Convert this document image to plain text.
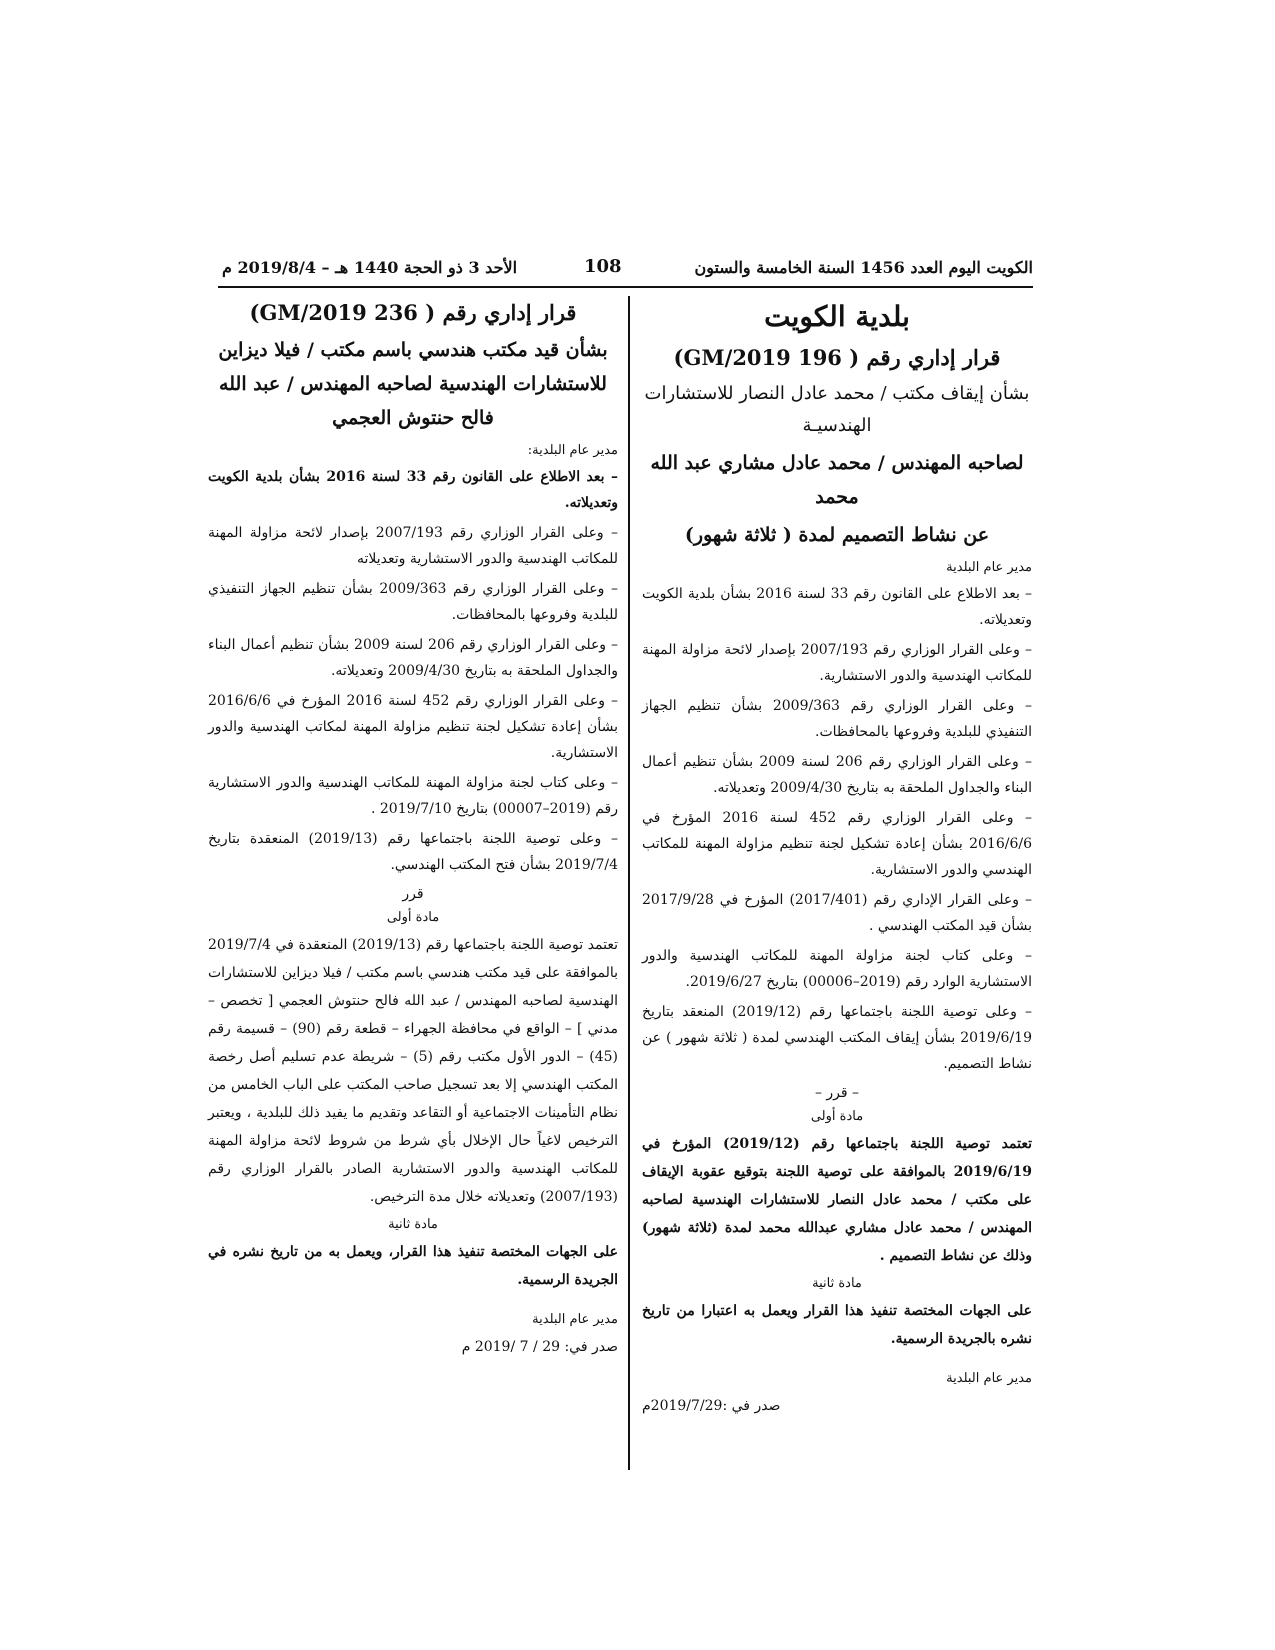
الكويت اليوم العدد 1456 السنة الخامسة والستون
108
الأحد 3 ذو الحجة 1440 هـ – 2019/8/4 م
بلدية الكويت
قرار إداري رقم ( 196 2019/GM)
بشأن إيقاف مكتب / محمد عادل النصار للاستشارات الهندسيـة
لصاحبه المهندس / محمد عادل مشاري عبد الله محمد
عن نشاط التصميم لمدة ( ثلاثة شهور)
مدير عام البلدية
– بعد الاطلاع على القانون رقم 33 لسنة 2016 بشأن بلدية الكويت وتعديلاته.
– وعلى القرار الوزاري رقم 2007/193 بإصدار لائحة مزاولة المهنة للمكاتب الهندسية والدور الاستشارية.
– وعلى القرار الوزاري رقم 2009/363 بشأن تنظيم الجهاز التنفيذي للبلدية وفروعها بالمحافظات.
– وعلى القرار الوزاري رقم 206 لسنة 2009 بشأن تنظيم أعمال البناء والجداول الملحقة به بتاريخ 2009/4/30 وتعديلاته.
– وعلى القرار الوزاري رقم 452 لسنة 2016 المؤرخ في 2016/6/6 بشأن إعادة تشكيل لجنة تنظيم مزاولة المهنة للمكاتب الهندسي والدور الاستشارية.
– وعلى القرار الإداري رقم (2017/401) المؤرخ في 2017/9/28 بشأن قيد المكتب الهندسي .
– وعلى كتاب لجنة مزاولة المهنة للمكاتب الهندسية والدور الاستشارية الوارد رقم (2019–00006) بتاريخ 2019/6/27.
– وعلى توصية اللجنة باجتماعها رقم (2019/12) المنعقد بتاريخ 2019/6/19 بشأن إيقاف المكتب الهندسي لمدة ( ثلاثة شهور ) عن نشاط التصميم.
– قرر –
مادة أولى
تعتمد توصية اللجنة باجتماعها رقم (2019/12) المؤرخ في 2019/6/19 بالموافقة على توصية اللجنة بتوقيع عقوبة الإيقاف على مكتب / محمد عادل النصار للاستشارات الهندسية لصاحبه المهندس / محمد عادل مشاري عبدالله محمد لمدة (ثلاثة شهور) وذلك عن نشاط التصميم .
مادة ثانية
على الجهات المختصة تنفيذ هذا القرار ويعمل به اعتبارا من تاريخ نشره بالجريدة الرسمية.
مدير عام البلدية
صدر في :2019/7/29م
قرار إداري رقم ( 236 2019/GM)
بشأن قيد مكتب هندسي باسم مكتب / فيلا ديزاين للاستشارات الهندسية لصاحبه المهندس / عبد الله فالح حنتوش العجمي
مدير عام البلدية:
– بعد الاطلاع على القانون رقم 33 لسنة 2016 بشأن بلدية الكويت وتعديلاته.
– وعلى القرار الوزاري رقم 2007/193 بإصدار لائحة مزاولة المهنة للمكاتب الهندسية والدور الاستشارية وتعديلاته
– وعلى القرار الوزاري رقم 2009/363 بشأن تنظيم الجهاز التنفيذي للبلدية وفروعها بالمحافظات.
– وعلى القرار الوزاري رقم 206 لسنة 2009 بشأن تنظيم أعمال البناء والجداول الملحقة به بتاريخ 2009/4/30 وتعديلاته.
– وعلى القرار الوزاري رقم 452 لسنة 2016 المؤرخ في 2016/6/6 بشأن إعادة تشكيل لجنة تنظيم مزاولة المهنة لمكاتب الهندسية والدور الاستشارية.
– وعلى كتاب لجنة مزاولة المهنة للمكاتب الهندسية والدور الاستشارية رقم (2019–00007) بتاريخ 2019/7/10 .
– وعلى توصية اللجنة باجتماعها رقم (2019/13) المنعقدة بتاريخ 2019/7/4 بشأن فتح المكتب الهندسي.
قرر
مادة أولى
تعتمد توصية اللجنة باجتماعها رقم (2019/13) المنعقدة في 2019/7/4 بالموافقة على قيد مكتب هندسي باسم مكتب / فيلا ديزاين للاستشارات الهندسية لصاحبه المهندس / عبد الله فالح حنتوش العجمي [ تخصص – مدني ] – الواقع في محافظة الجهراء – قطعة رقم (90) – قسيمة رقم (45) – الدور الأول مكتب رقم (5) – شريطة عدم تسليم أصل رخصة المكتب الهندسي إلا بعد تسجيل صاحب المكتب على الباب الخامس من نظام التأمينات الاجتماعية أو التقاعد وتقديم ما يفيد ذلك للبلدية ، ويعتبر الترخيص لاغياً حال الإخلال بأي شرط من شروط لائحة مزاولة المهنة للمكاتب الهندسية والدور الاستشارية الصادر بالقرار الوزاري رقم (2007/193) وتعديلاته خلال مدة الترخيص.
مادة ثانية
على الجهات المختصة تنفيذ هذا القرار، ويعمل به من تاريخ نشره في الجريدة الرسمية.
مدير عام البلدية
صدر في: 29 / 7 /2019 م
